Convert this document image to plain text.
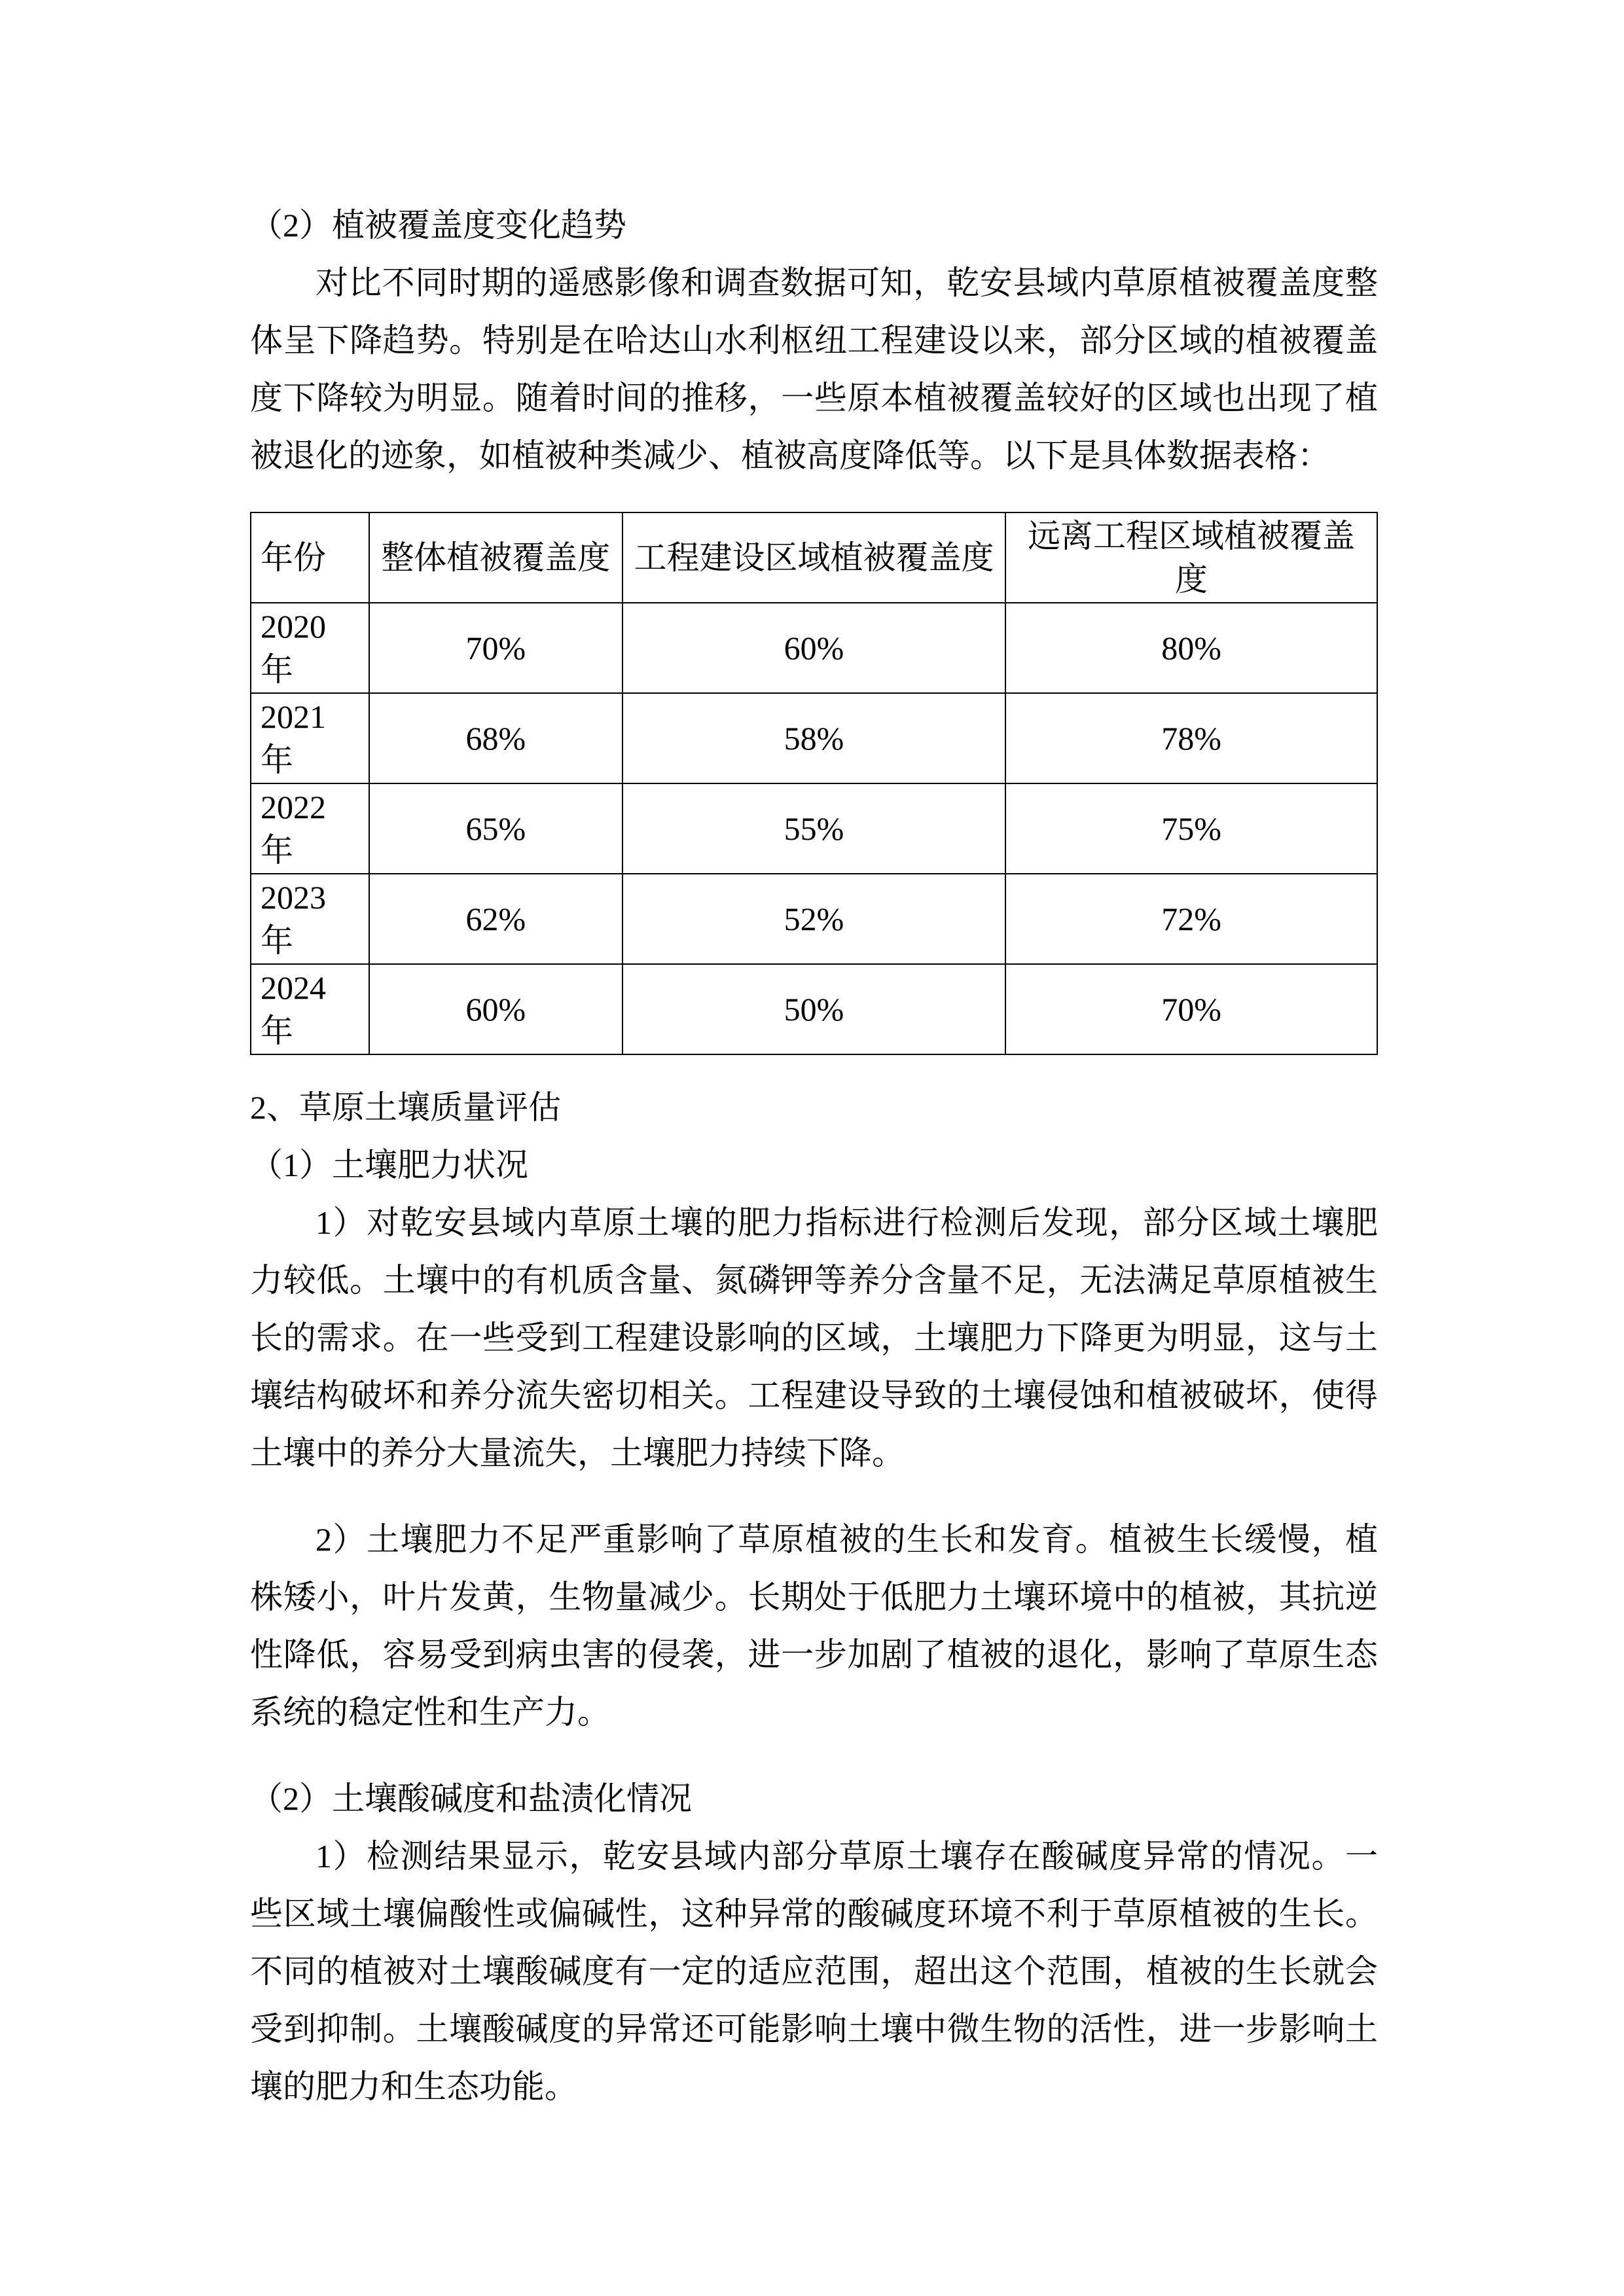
（2）植被覆盖度变化趋势

对比不同时期的遥感影像和调查数据可知，乾安县域内草原植被覆盖度整体呈下降趋势。特别是在哈达山水利枢纽工程建设以来，部分区域的植被覆盖度下降较为明显。随着时间的推移，一些原本植被覆盖较好的区域也出现了植被退化的迹象，如植被种类减少、植被高度降低等。以下是具体数据表格：

年份	整体植被覆盖度	工程建设区域植被覆盖度	远离工程区域植被覆盖度
2020 年	70%	60%	80%
2021 年	68%	58%	78%
2022 年	65%	55%	75%
2023 年	62%	52%	72%
2024 年	60%	50%	70%
2、草原土壤质量评估
（1）土壤肥力状况

1）对乾安县域内草原土壤的肥力指标进行检测后发现，部分区域土壤肥力较低。土壤中的有机质含量、氮磷钾等养分含量不足，无法满足草原植被生长的需求。在一些受到工程建设影响的区域，土壤肥力下降更为明显，这与土壤结构破坏和养分流失密切相关。工程建设导致的土壤侵蚀和植被破坏，使得土壤中的养分大量流失，土壤肥力持续下降。

2）土壤肥力不足严重影响了草原植被的生长和发育。植被生长缓慢，植株矮小，叶片发黄，生物量减少。长期处于低肥力土壤环境中的植被，其抗逆性降低，容易受到病虫害的侵袭，进一步加剧了植被的退化，影响了草原生态系统的稳定性和生产力。

（2）土壤酸碱度和盐渍化情况

1）检测结果显示，乾安县域内部分草原土壤存在酸碱度异常的情况。一些区域土壤偏酸性或偏碱性，这种异常的酸碱度环境不利于草原植被的生长。不同的植被对土壤酸碱度有一定的适应范围，超出这个范围，植被的生长就会受到抑制。土壤酸碱度的异常还可能影响土壤中微生物的活性，进一步影响土壤的肥力和生态功能。
